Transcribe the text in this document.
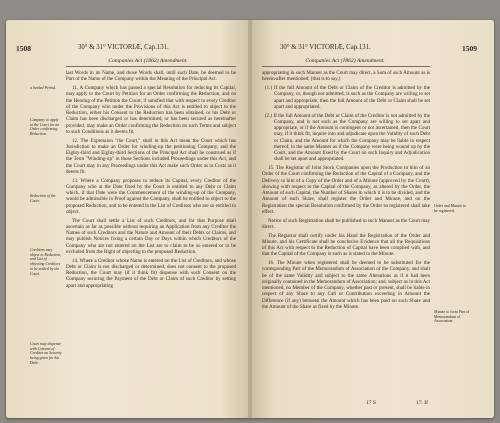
1508	30° & 31° VICTORIÆ, Cap.131.
Companies Act (1862) Amendment.
a Settled Period.
Company to apply to the Court for an Order confirming Reduction.
Reduction of the Court.
Creditors may object to Reduction, and List of objecting Creditors to be settled by the Court.
Court may dispense with Consent of Creditor on Security being given for his Debt.

last Words in its Name, and those Words shall, until such Date, be deemed to be Part of the Name of the Company within the Meaning of the Principal Act.

11. A Company which has passed a special Resolution for reducing its Capital, may apply to the Court by Petition for an Order confirming the Reduction, and on the Hearing of the Petition the Court, if satisfied that with respect to every Creditor of the Company who under the Provisions of this Act is entitled to object to the Reduction, either his Consent to the Reduction has been obtained, or his Debt or Claim has been discharged or has determined, or has been secured as hereinafter provided, may make an Order confirming the Reduction on such Terms and subject to such Conditions as it deems fit.

12. The Expression "the Court," shall in this Act mean the Court which has Jurisdiction to make an Order for winding-up the petitioning Company, and the Eighty-third and Eighty-third Sections of the Principal Act shall be construed as if the Term "Winding-up" in those Sections included Proceedings under this Act, and the Court may in any Proceedings under this Act make such Order as to Costs as it deems fit.

13. Where a Company proposes to reduce its Capital, every Creditor of the Company who at the Date fixed by the Court is entitled to any Debt or Claim which, if that Date were the Commencement of the winding-up of the Company, would be admissible in Proof against the Company, shall be entitled to object to the proposed Reduction, and to be entered in the List of Creditors who are so entitled to object.

The Court shall settle a List of such Creditors, and for that Purpose shall ascertain as far as possible without requiring an Application from any Creditor the Names of such Creditors and the Nature and Amount of their Debts or Claims, and may publish Notices fixing a certain Day or Days within which Creditors of the Company who are not entered on the List are to claim to be so entered or to be excluded from the Right of objecting to the proposed Reduction.

14. Where a Creditor whose Name is entered on the List of Creditors, and whose Debt or Claim is not discharged or determined, does not consent to the proposed Reduction, the Court may (if it think fit) dispense with such Consent on the Company securing the Payment of the Debt or Claim of such Creditor by setting apart and appropriating

30° & 31° VICTORIÆ, Cap.131.	1509
Companies Act (1862) Amendment.
Order and Minute to be registered.
Minute to form Part of Memorandum of Association.

appropriating in such Manner as the Court may direct, a Sum of such Amount as is herein-after mentioned; (that is to say,)

(1.) If the full Amount of the Debt or Claim of the Creditor is admitted by the Company, or, though not admitted, is such as the Company are willing to set apart and appropriate, then the full Amount of the Debt or Claim shall be set apart and appropriated.

(2.) If the full Amount of the Debt or Claim of the Creditor is not admitted by the Company, and is not such as the Company are willing to set apart and appropriate, or if the Amount is contingent or not ascertained, then the Court may, if it think fit, inquire into and adjudicate upon the Validity of such Debt or Claim, and the Amount for which the Company may be liable in respect thereof, in the same Manner as if the Company were being wound up by the Court, and the Amount fixed by the Court on such Inquiry and Adjudication shall be set apart and appropriated.

15. The Registrar of Joint Stock Companies upon the Production to him of an Order of the Court confirming the Reduction of the Capital of a Company, and the Delivery to him of a Copy of the Order and of a Minute (approved by the Court), showing with respect to the Capital of the Company, as altered by the Order, the Amount of such Capital, the Number of Shares in which it is to be divided, and the Amount of each Share, shall register the Order and Minute, and on the Registration the special Resolution confirmed by the Order so registered shall take effect.

Notice of such Registration shall be published in such Manner as the Court may direct.

The Registrar shall certify under his Hand the Registration of the Order and Minute, and his Certificate shall be conclusive Evidence that all the Requisitions of this Act with respect to the Reduction of Capital have been complied with, and that the Capital of the Company is such as is stated in the Minute.

16. The Minute when registered shall be deemed to be substituted for the corresponding Part of the Memorandum of Association of the Company, and shall be of the same Validity and subject to the same Alterations as if it had been originally contained in the Memorandum of Association; and, subject as in this Act mentioned, no Member of the Company, whether past or present, shall be liable in respect of any Share to any Call or Contribution exceeding in Amount the Difference (if any) between the Amount which has been paid on such Share and the Amount of the Share as fixed by the Minute.

17 S	17. If
